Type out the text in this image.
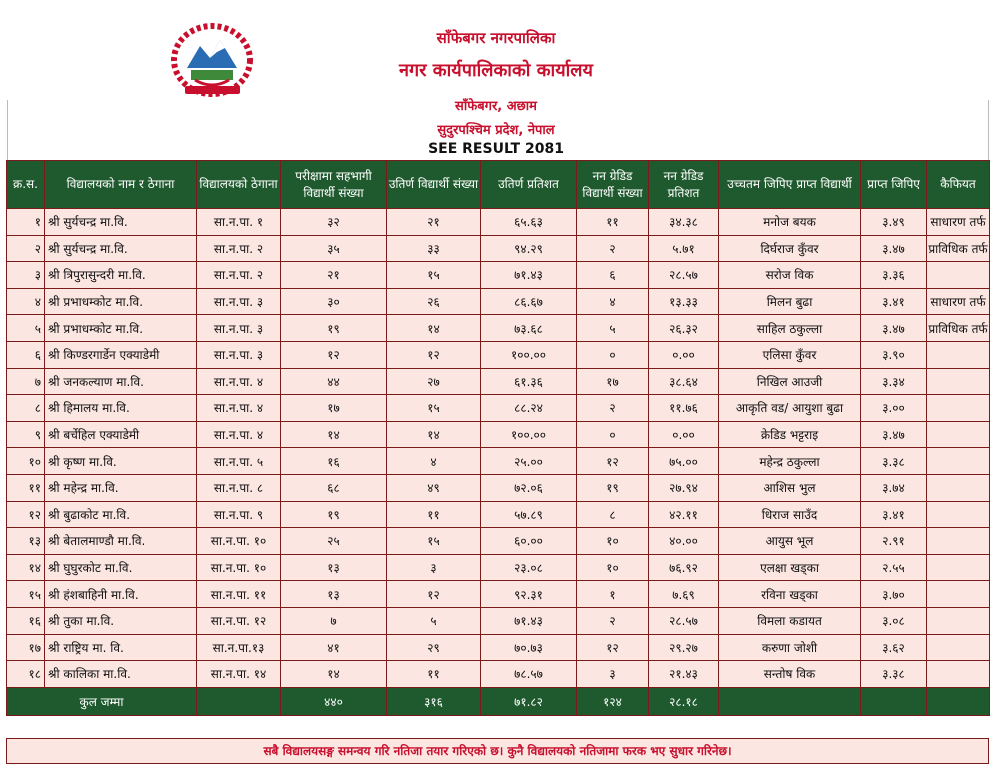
साँफेबगर नगरपालिका
नगर कार्यपालिकाको कार्यालय
साँफेबगर, अछाम
सुदुरपश्चिम प्रदेश, नेपाल
SEE RESULT 2081
क्र.स.	विद्यालयको नाम र ठेगाना	विद्यालयको ठेगाना	परीक्षामा सहभागी विद्यार्थी संख्या	उतिर्ण विद्यार्थी संख्या	उतिर्ण प्रतिशत	नन ग्रेडिड विद्यार्थी संख्या	नन ग्रेडिड प्रतिशत	उच्चतम जिपिए प्राप्त विद्यार्थी	प्राप्त जिपिए	कैफियत
१	श्री सुर्यचन्द्र मा.वि.	सा.न.पा. १	३२	२१	६५.६३	११	३४.३८	मनोज बयक	३.४९	साधारण तर्फ
२	श्री सुर्यचन्द्र मा.वि.	सा.न.पा. २	३५	३३	९४.२९	२	५.७१	दिर्घराज कुँवर	३.४७	प्राविधिक तर्फ
३	श्री त्रिपुरासुन्दरी मा.वि.	सा.न.पा. २	२१	१५	७१.४३	६	२८.५७	सरोज विक	३.३६	
४	श्री प्रभाधम्कोट मा.वि.	सा.न.पा. ३	३०	२६	८६.६७	४	१३.३३	मिलन बुढा	३.४१	साधारण तर्फ
५	श्री प्रभाधम्कोट मा.वि.	सा.न.पा. ३	१९	१४	७३.६८	५	२६.३२	साहिल ठकुल्ला	३.४७	प्राविधिक तर्फ
६	श्री किण्डरगार्डेन एक्याडेमी	सा.न.पा. ३	१२	१२	१००.००	०	०.००	एलिसा कुँवर	३.९०	
७	श्री जनकल्याण मा.वि.	सा.न.पा. ४	४४	२७	६१.३६	१७	३८.६४	निखिल आउजी	३.३४	
८	श्री हिमालय मा.वि.	सा.न.पा. ४	१७	१५	८८.२४	२	११.७६	आकृति वड/ आयुशा बुढा	३.००	
९	श्री बर्चेहिल एक्याडेमी	सा.न.पा. ४	१४	१४	१००.००	०	०.००	क्रेडिड भट्टराइ	३.४७	
१०	श्री कृष्ण मा.वि.	सा.न.पा. ५	१६	४	२५.००	१२	७५.००	महेन्द्र ठकुल्ला	३.३८	
११	श्री महेन्द्र मा.वि.	सा.न.पा. ८	६८	४९	७२.०६	१९	२७.९४	आशिस भुल	३.७४	
१२	श्री बुढाकोट मा.वि.	सा.न.पा. ९	१९	११	५७.८९	८	४२.११	धिराज साउँद	३.४१	
१३	श्री बेतालमाण्डौ मा.वि.	सा.न.पा. १०	२५	१५	६०.००	१०	४०.००	आयुस भूल	२.९१	
१४	श्री घुघुरकोट मा.वि.	सा.न.पा. १०	१३	३	२३.०८	१०	७६.९२	एलक्षा खड्का	२.५५	
१५	श्री हंशबाहिनी मा.वि.	सा.न.पा. ११	१३	१२	९२.३१	१	७.६९	रविना खड्का	३.७०	
१६	श्री तुका मा.वि.	सा.न.पा. १२	७	५	७१.४३	२	२८.५७	विमला कडायत	३.०८	
१७	श्री राष्ट्रिय मा. वि.	सा.न.पा.१३	४१	२९	७०.७३	१२	२९.२७	करुणा जोशी	३.६२	
१८	श्री कालिका मा.वि.	सा.न.पा. १४	१४	११	७८.५७	३	२१.४३	सन्तोष विक	३.३८	
कुल जम्मा			४४०	३१६	७१.८२	१२४	२८.१८			
सबै विद्यालयसङ्ग समन्वय गरि नतिजा तयार गरिएको छ। कुनै विद्यालयको नतिजामा फरक भए सुधार गरिनेछ।
